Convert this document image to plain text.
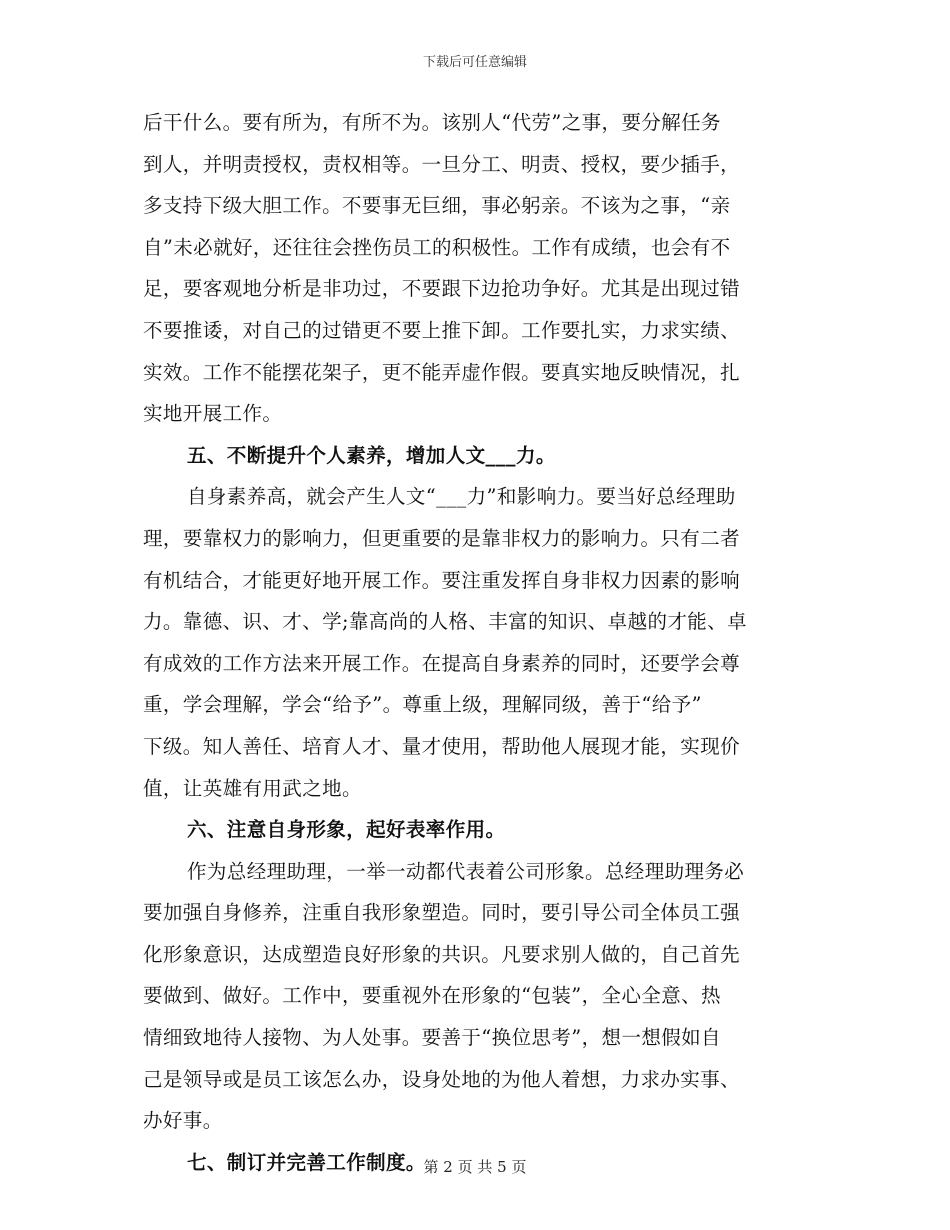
下载后可任意编辑
后干什么。要有所为，有所不为。该别人“代劳”之事，要分解任务
到人，并明责授权，责权相等。一旦分工、明责、授权，要少插手，
多支持下级大胆工作。不要事无巨细，事必躬亲。不该为之事，“亲
自”未必就好，还往往会挫伤员工的积极性。工作有成绩，也会有不
足，要客观地分析是非功过，不要跟下边抢功争好。尤其是出现过错
不要推诿，对自己的过错更不要上推下卸。工作要扎实，力求实绩、
实效。工作不能摆花架子，更不能弄虚作假。要真实地反映情况，扎
实地开展工作。
五、不断提升个人素养，增加人文___力。
自身素养高，就会产生人文“___力”和影响力。要当好总经理助
理，要靠权力的影响力，但更重要的是靠非权力的影响力。只有二者
有机结合，才能更好地开展工作。要注重发挥自身非权力因素的影响
力。靠德、识、才、学;靠高尚的人格、丰富的知识、卓越的才能、卓
有成效的工作方法来开展工作。在提高自身素养的同时，还要学会尊
重，学会理解，学会“给予”。尊重上级，理解同级，善于“给予”
下级。知人善任、培育人才、量才使用，帮助他人展现才能，实现价
值，让英雄有用武之地。
六、注意自身形象，起好表率作用。
作为总经理助理，一举一动都代表着公司形象。总经理助理务必
要加强自身修养，注重自我形象塑造。同时，要引导公司全体员工强
化形象意识，达成塑造良好形象的共识。凡要求别人做的，自己首先
要做到、做好。工作中，要重视外在形象的“包装”，全心全意、热
情细致地待人接物、为人处事。要善于“换位思考”，想一想假如自
己是领导或是员工该怎么办，设身处地的为他人着想，力求办实事、
办好事。
七、制订并完善工作制度。
第 2 页 共 5 页
